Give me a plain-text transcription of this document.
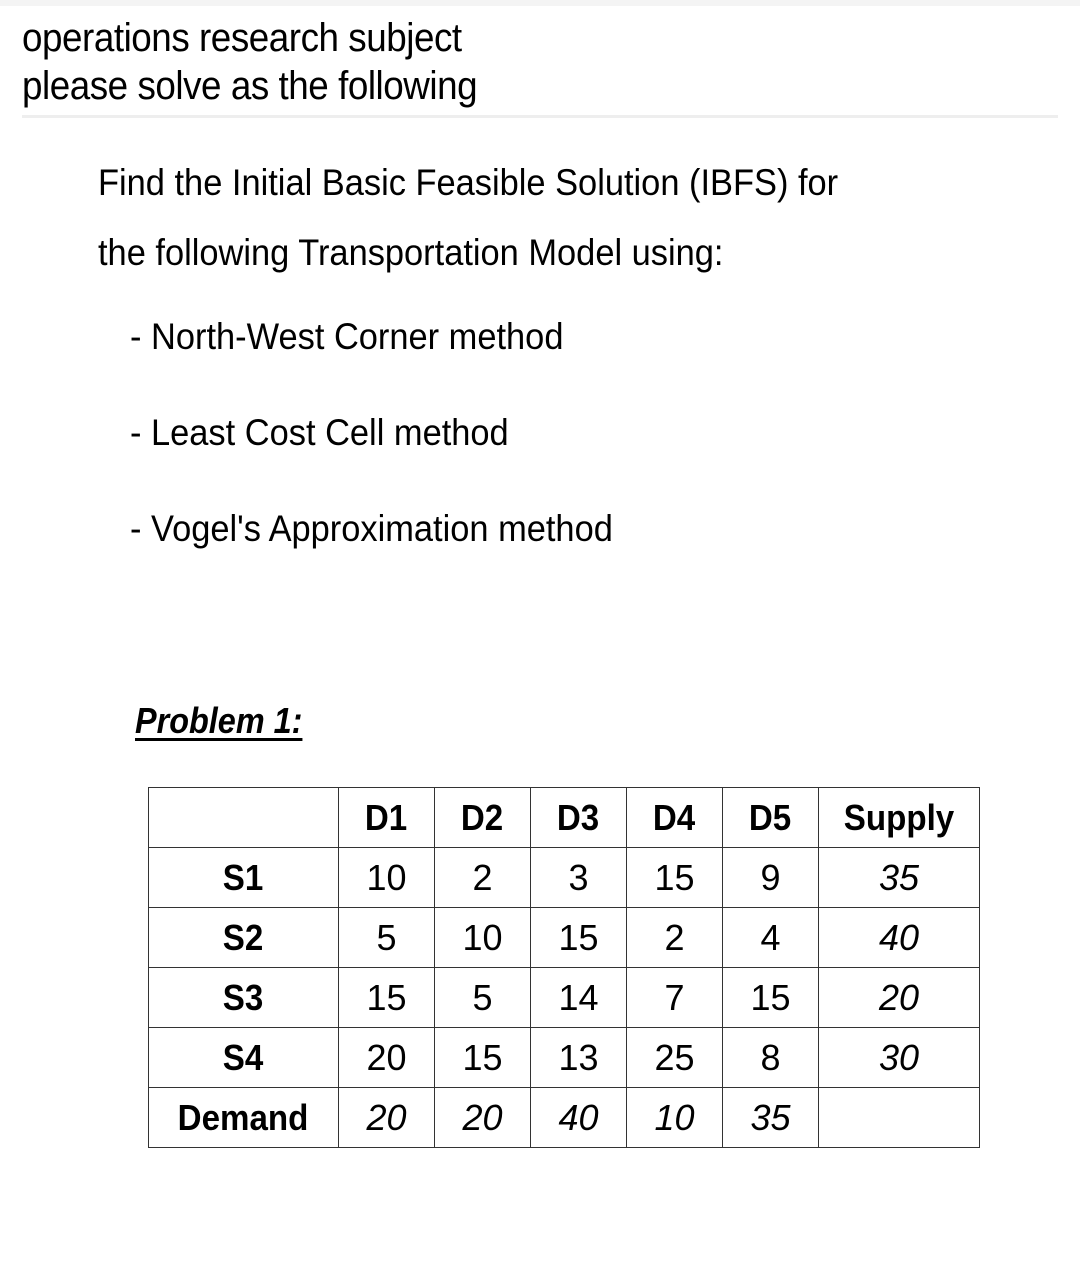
operations research subject
please solve as the following
Find the Initial Basic Feasible Solution (IBFS) for
the following Transportation Model using:
- North-West Corner method
- Least Cost Cell method
- Vogel's Approximation method
Problem 1:
	D1	D2	D3	D4	D5	Supply
S1	10	2	3	15	9	35
S2	5	10	15	2	4	40
S3	15	5	14	7	15	20
S4	20	15	13	25	8	30
Demand	20	20	40	10	35	
